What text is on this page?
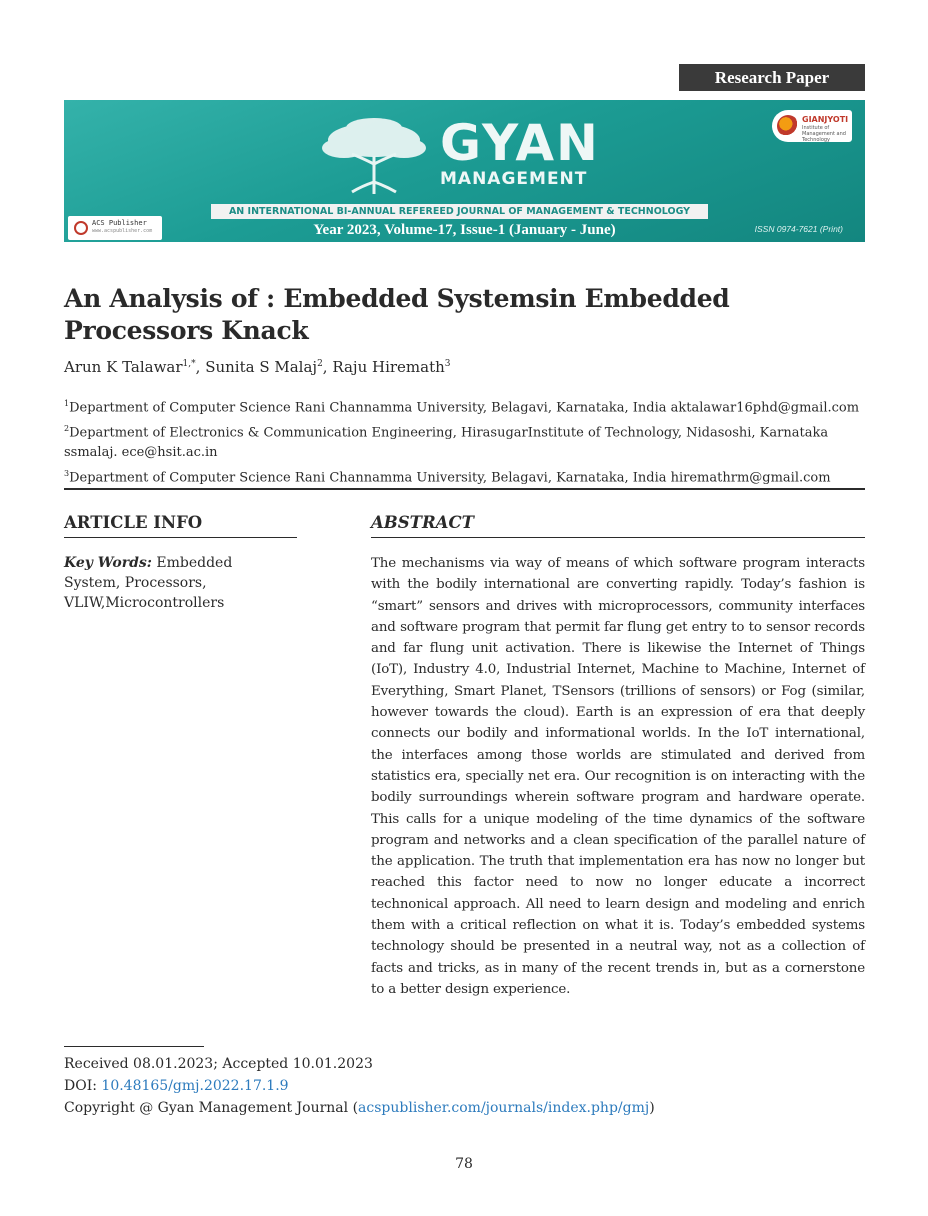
Research Paper
GYAN
MANAGEMENT
AN INTERNATIONAL BI-ANNUAL REFEREED JOURNAL OF MANAGEMENT & TECHNOLOGY
Year 2023, Volume-17, Issue-1 (January - June)	ISSN 0974-7621 (Print)
ACS Publisher
www.acspublisher.com
GIANJYOTI
Institute of Management and Technology
An Analysis of : Embedded Systemsin Embedded
Processors Knack
Arun K Talawar$^{1,*}$, Sunita S Malaj$^2$, Raju Hiremath$^3$

$^1$Department of Computer Science Rani Channamma University, Belagavi, Karnataka, India aktalawar16phd@gmail.com

$^2$Department of Electronics & Communication Engineering, HirasugarInstitute of Technology, Nidasoshi, Karnataka ssmalaj. ece@hsit.ac.in

$^3$Department of Computer Science Rani Channamma University, Belagavi, Karnataka, India hiremathrm@gmail.com

ARTICLE INFO
Key Words: Embedded System, Processors, VLIW,Microcontrollers
ABSTRACT

The mechanisms via way of means of which software program interacts with the bodily international are converting rapidly. Today’s fashion is “smart” sensors and drives with microprocessors, community interfaces and software program that permit far flung get entry to to sensor records and far flung unit activation. There is likewise the Internet of Things (IoT), Industry 4.0, Industrial Internet, Machine to Machine, Internet of Everything, Smart Planet, TSensors (trillions of sensors) or Fog (similar, however towards the cloud). Earth is an expression of era that deeply connects our bodily and informational worlds. In the IoT international, the interfaces among those worlds are stimulated and derived from statistics era, specially net era. Our recognition is on interacting with the bodily surroundings wherein software program and hardware operate. This calls for a unique modeling of the time dynamics of the software program and networks and a clean specification of the parallel nature of the application. The truth that implementation era has now no longer but reached this factor need to now no longer educate a incorrect technonical approach. All need to learn design and modeling and enrich them with a critical reflection on what it is. Today’s embedded systems technology should be presented in a neutral way, not as a collection of facts and tricks, as in many of the recent trends in, but as a cornerstone to a better design experience.

Received 08.01.2023; Accepted 10.01.2023
DOI: 10.48165/gmj.2022.17.1.9
Copyright @ Gyan Management Journal (acspublisher.com/journals/index.php/gmj)
78
